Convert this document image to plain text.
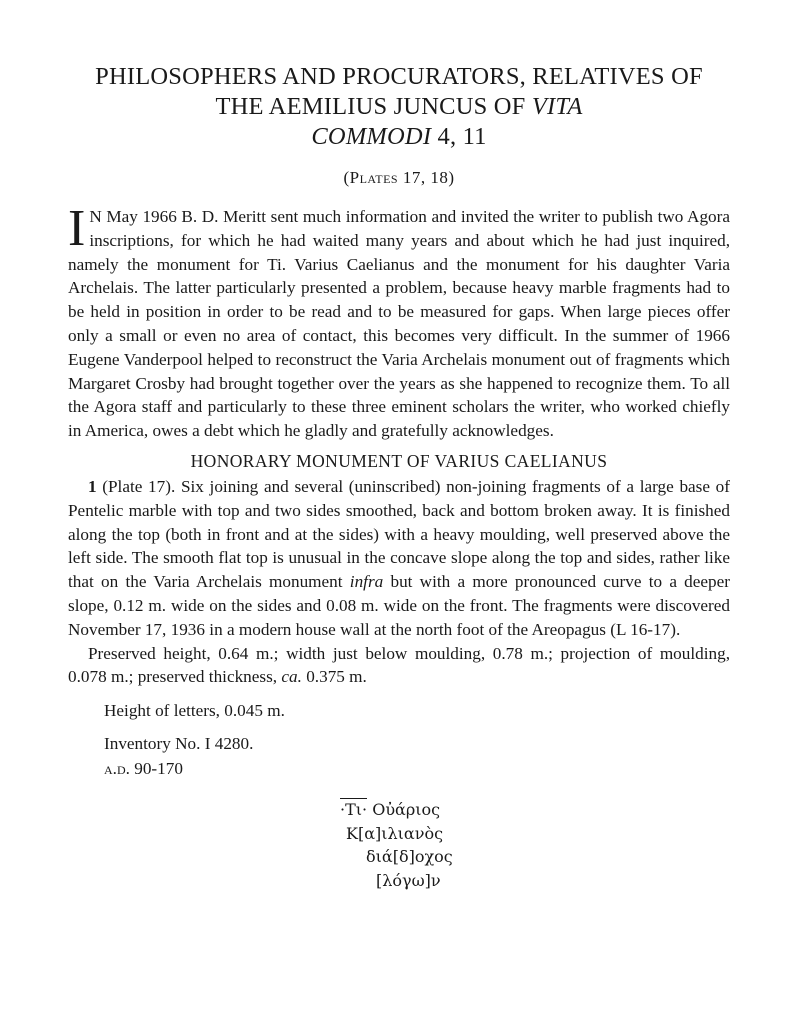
PHILOSOPHERS AND PROCURATORS, RELATIVES OF
THE AEMILIUS JUNCUS OF VITA
COMMODI 4, 11
(Plates 17, 18)
I N May 1966 B. D. Meritt sent much information and invited the writer to publish two Agora inscriptions, for which he had waited many years and about which he had just inquired, namely the monument for Ti. Varius Caelianus and the monument for his daughter Varia Archelais. The latter particularly presented a problem, because heavy marble fragments had to be held in position in order to be read and to be measured for gaps. When large pieces offer only a small or even no area of contact, this becomes very difficult. In the summer of 1966 Eugene Vanderpool helped to reconstruct the Varia Archelais monument out of fragments which Margaret Crosby had brought together over the years as she happened to recognize them. To all the Agora staff and particularly to these three eminent scholars the writer, who worked chiefly in America, owes a debt which he gladly and gratefully acknowledges.
HONORARY MONUMENT OF VARIUS CAELIANUS

1 (Plate 17). Six joining and several (uninscribed) non-joining fragments of a large base of Pentelic marble with top and two sides smoothed, back and bottom broken away. It is finished along the top (both in front and at the sides) with a heavy moulding, well preserved above the left side. The smooth flat top is unusual in the concave slope along the top and sides, rather like that on the Varia Archelais monument infra but with a more pronounced curve to a deeper slope, 0.12 m. wide on the sides and 0.08 m. wide on the front. The fragments were discovered November 17, 1936 in a modern house wall at the north foot of the Areopagus (L 16-17).

Preserved height, 0.64 m.; width just below moulding, 0.78 m.; projection of moulding, 0.078 m.; preserved thickness, ca. 0.375 m.

Height of letters, 0.045 m.

Inventory No. I 4280.

a.d. 90-170

·Τι· Οὐάριος
Κ[α]ιλιανὸς
διά[δ]οχος
[λόγω]ν
